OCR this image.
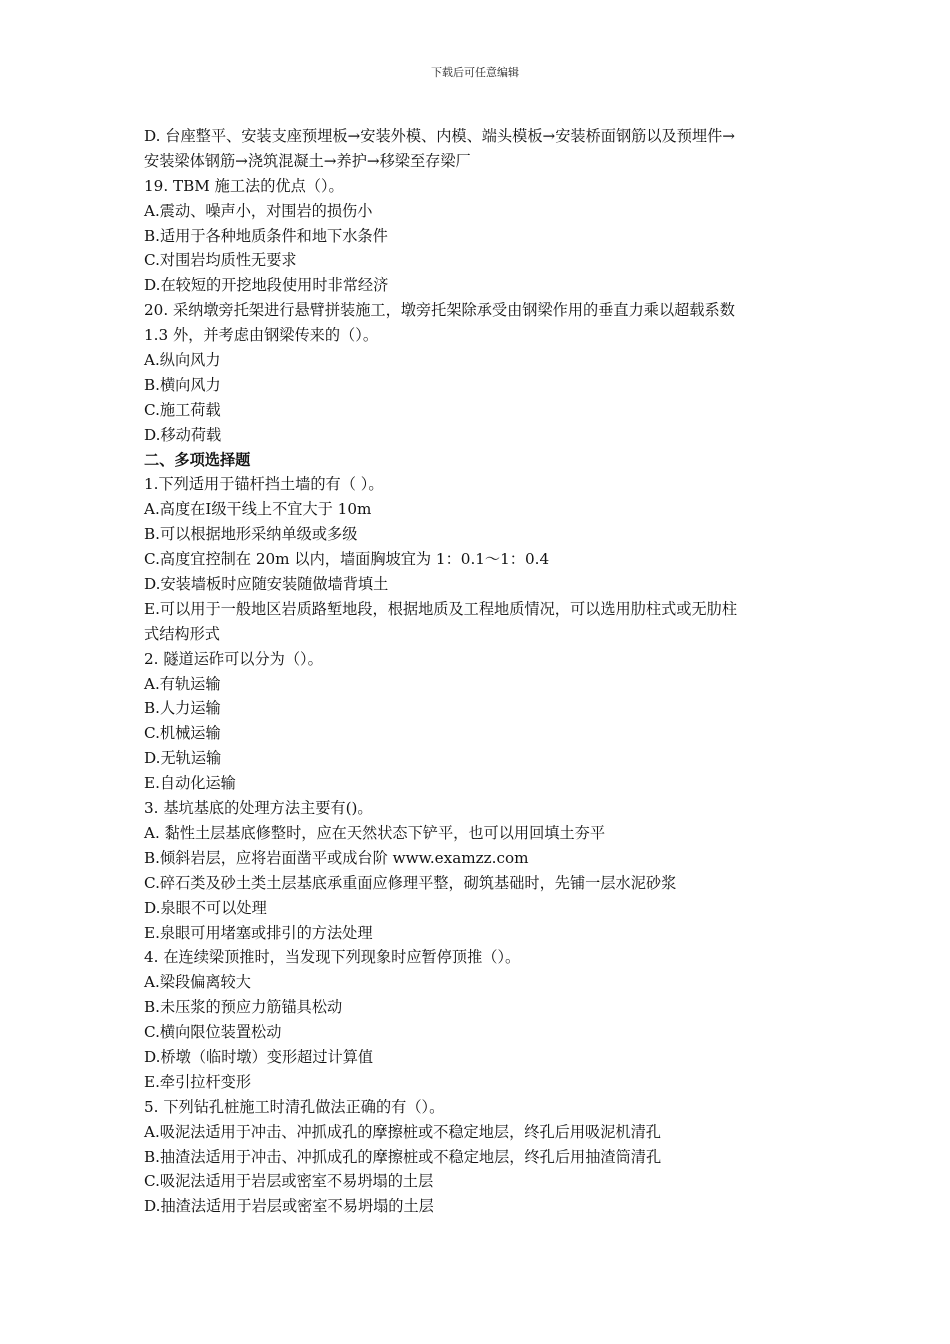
下载后可任意编辑
D. 台座整平、安装支座预埋板→安装外模、内模、端头模板→安装桥面钢筋以及预埋件→
安装梁体钢筋→浇筑混凝土→养护→移梁至存梁厂
19. TBM 施工法的优点（）。
A.震动、噪声小，对围岩的损伤小
B.适用于各种地质条件和地下水条件
C.对围岩均质性无要求
D.在较短的开挖地段使用时非常经济
20. 采纳墩旁托架进行悬臂拼装施工，墩旁托架除承受由钢梁作用的垂直力乘以超载系数
1.3 外，并考虑由钢梁传来的（）。
A.纵向风力
B.横向风力
C.施工荷载
D.移动荷载
二、多项选择题
1.下列适用于锚杆挡土墙的有（ ）。
A.高度在Ⅰ级干线上不宜大于 10m
B.可以根据地形采纳单级或多级
C.高度宜控制在 20m 以内，墙面胸坡宜为 1：0.1～1：0.4
D.安装墙板时应随安装随做墙背填土
E.可以用于一般地区岩质路堑地段，根据地质及工程地质情况，可以选用肋柱式或无肋柱
式结构形式
2. 隧道运砟可以分为（）。
A.有轨运输
B.人力运输
C.机械运输
D.无轨运输
E.自动化运输
3. 基坑基底的处理方法主要有()。
A. 黏性土层基底修整时，应在天然状态下铲平，也可以用回填土夯平
B.倾斜岩层，应将岩面凿平或成台阶 www.examzz.com
C.碎石类及砂土类土层基底承重面应修理平整，砌筑基础时，先铺一层水泥砂浆
D.泉眼不可以处理
E.泉眼可用堵塞或排引的方法处理
4. 在连续梁顶推时，当发现下列现象时应暂停顶推（）。
A.梁段偏离较大
B.未压浆的预应力筋锚具松动
C.横向限位装置松动
D.桥墩（临时墩）变形超过计算值
E.牵引拉杆变形
5. 下列钻孔桩施工时清孔做法正确的有（）。
A.吸泥法适用于冲击、冲抓成孔的摩擦桩或不稳定地层，终孔后用吸泥机清孔
B.抽渣法适用于冲击、冲抓成孔的摩擦桩或不稳定地层，终孔后用抽渣筒清孔
C.吸泥法适用于岩层或密室不易坍塌的土层
D.抽渣法适用于岩层或密室不易坍塌的土层
